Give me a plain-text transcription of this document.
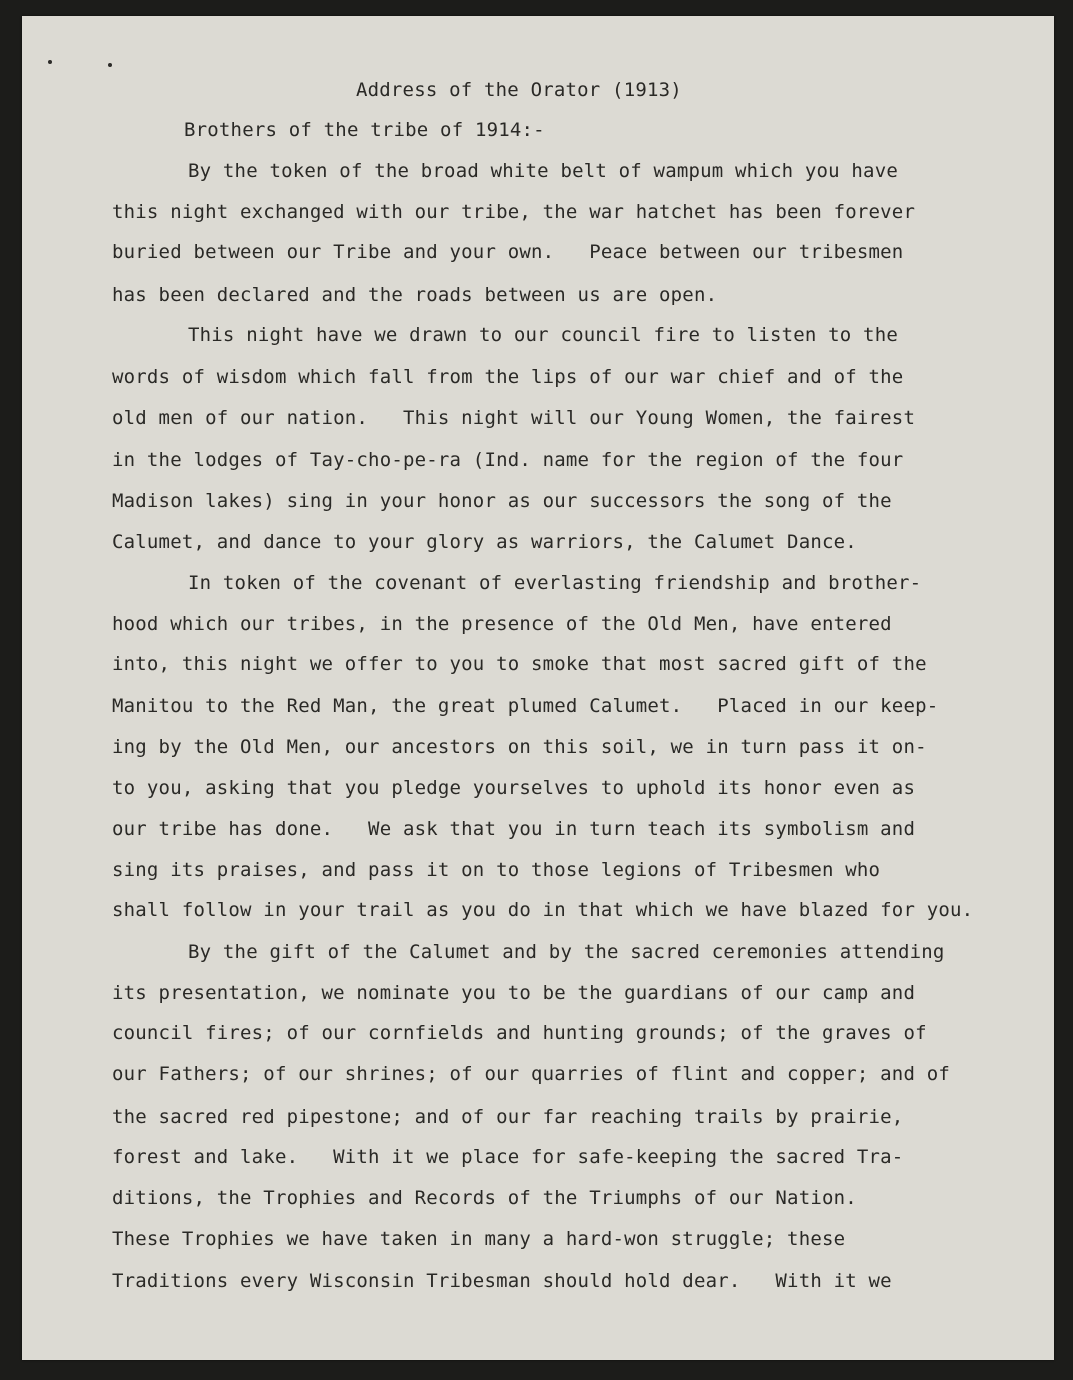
Address of the Orator (1913)
Brothers of the tribe of 1914:-
By the token of the broad white belt of wampum which you have
this night exchanged with our tribe, the war hatchet has been forever
buried between our Tribe and your own.   Peace between our tribesmen
has been declared and the roads between us are open.
This night have we drawn to our council fire to listen to the
words of wisdom which fall from the lips of our war chief and of the
old men of our nation.   This night will our Young Women, the fairest
in the lodges of Tay-cho-pe-ra (Ind. name for the region of the four
Madison lakes) sing in your honor as our successors the song of the
Calumet, and dance to your glory as warriors, the Calumet Dance.
In token of the covenant of everlasting friendship and brother-
hood which our tribes, in the presence of the Old Men, have entered
into, this night we offer to you to smoke that most sacred gift of the
Manitou to the Red Man, the great plumed Calumet.   Placed in our keep-
ing by the Old Men, our ancestors on this soil, we in turn pass it on-
to you, asking that you pledge yourselves to uphold its honor even as
our tribe has done.   We ask that you in turn teach its symbolism and
sing its praises, and pass it on to those legions of Tribesmen who
shall follow in your trail as you do in that which we have blazed for you.
By the gift of the Calumet and by the sacred ceremonies attending
its presentation, we nominate you to be the guardians of our camp and
council fires; of our cornfields and hunting grounds; of the graves of
our Fathers; of our shrines; of our quarries of flint and copper; and of
the sacred red pipestone; and of our far reaching trails by prairie,
forest and lake.   With it we place for safe-keeping the sacred Tra-
ditions, the Trophies and Records of the Triumphs of our Nation.
These Trophies we have taken in many a hard-won struggle; these
Traditions every Wisconsin Tribesman should hold dear.   With it we
